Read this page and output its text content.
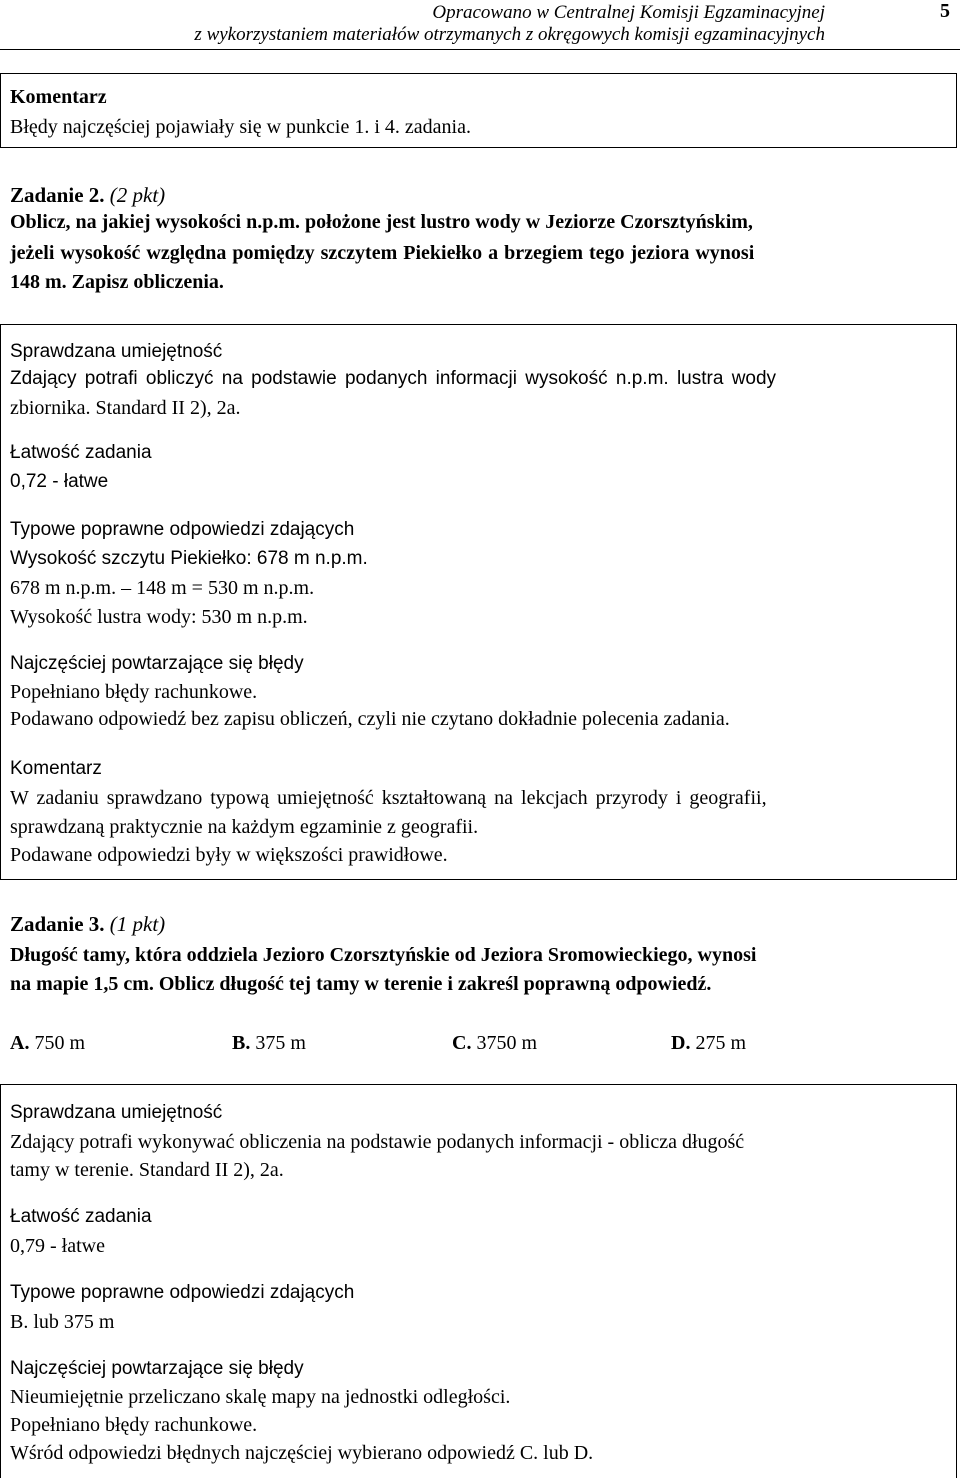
Opracowano w Centralnej Komisji Egzaminacyjnej
z wykorzystaniem materiałów otrzymanych z okręgowych komisji egzaminacyjnych
5
Komentarz
Błędy najczęściej pojawiały się w punkcie 1. i 4. zadania.
Zadanie 2. (2 pkt)
Oblicz, na jakiej wysokości n.p.m. położone jest lustro wody w Jeziorze Czorsztyńskim,
jeżeli wysokość względna pomiędzy szczytem Piekiełko a brzegiem tego jeziora wynosi
148 m. Zapisz obliczenia.
Sprawdzana umiejętność
Zdający potrafi obliczyć na podstawie podanych informacji wysokość n.p.m. lustra wody
zbiornika. Standard II 2), 2a.
Łatwość zadania
0,72 - łatwe
Typowe poprawne odpowiedzi zdających
Wysokość szczytu Piekiełko: 678 m n.p.m.
678 m n.p.m. – 148 m = 530 m n.p.m.
Wysokość lustra wody: 530 m n.p.m.
Najczęściej powtarzające się błędy
Popełniano błędy rachunkowe.
Podawano odpowiedź bez zapisu obliczeń, czyli nie czytano dokładnie polecenia zadania.
Komentarz
W zadaniu sprawdzano typową umiejętność kształtowaną na lekcjach przyrody i geografii,
sprawdzaną praktycznie na każdym egzaminie z geografii.
Podawane odpowiedzi były w większości prawidłowe.
Zadanie 3. (1 pkt)
Długość tamy, która oddziela Jezioro Czorsztyńskie od Jeziora Sromowieckiego, wynosi
na mapie 1,5 cm. Oblicz długość tej tamy w terenie i zakreśl poprawną odpowiedź.
A. 750 m	B. 375 m	C. 3750 m	D. 275 m
Sprawdzana umiejętność
Zdający potrafi wykonywać obliczenia na podstawie podanych informacji - oblicza długość
tamy w terenie. Standard II 2), 2a.
Łatwość zadania
0,79 - łatwe
Typowe poprawne odpowiedzi zdających
B. lub 375 m
Najczęściej powtarzające się błędy
Nieumiejętnie przeliczano skalę mapy na jednostki odległości.
Popełniano błędy rachunkowe.
Wśród odpowiedzi błędnych najczęściej wybierano odpowiedź C. lub D.
